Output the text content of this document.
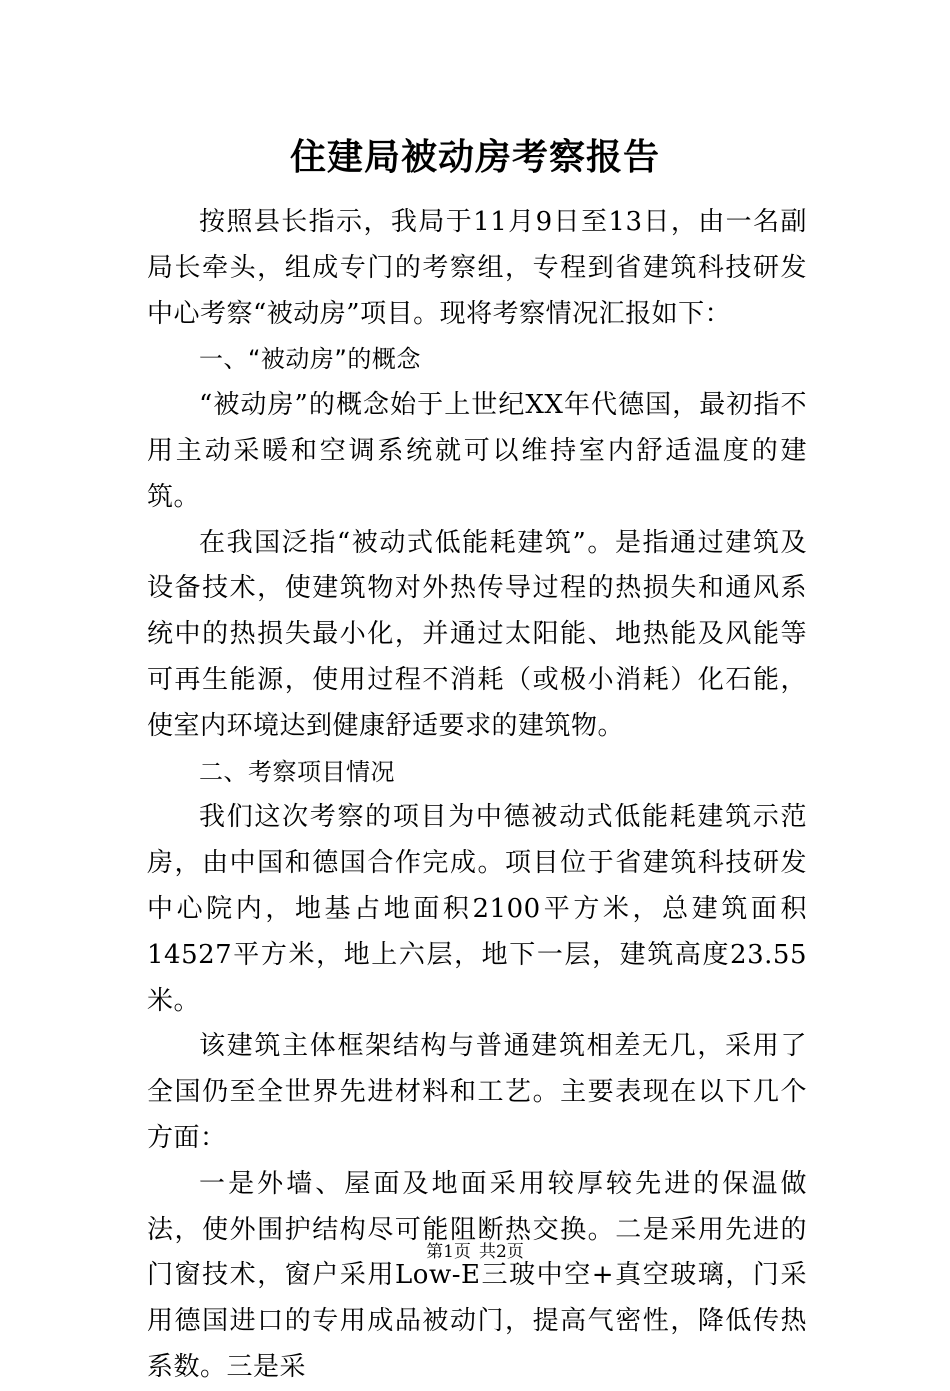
住建局被动房考察报告

按照县长指示，我局于11月9日至13日，由一名副局长牵头，组成专门的考察组，专程到省建筑科技研发中心考察“被动房”项目。现将考察情况汇报如下：

一、“被动房”的概念

“被动房”的概念始于上世纪XX年代德国，最初指不用主动采暖和空调系统就可以维持室内舒适温度的建筑。

在我国泛指“被动式低能耗建筑”。是指通过建筑及设备技术，使建筑物对外热传导过程的热损失和通风系统中的热损失最小化，并通过太阳能、地热能及风能等可再生能源，使用过程不消耗（或极小消耗）化石能，使室内环境达到健康舒适要求的建筑物。

二、考察项目情况

我们这次考察的项目为中德被动式低能耗建筑示范房，由中国和德国合作完成。项目位于省建筑科技研发中心院内，地基占地面积2100平方米，总建筑面积14527平方米，地上六层，地下一层，建筑高度23.55米。

该建筑主体框架结构与普通建筑相差无几，采用了全国仍至全世界先进材料和工艺。主要表现在以下几个方面：

一是外墙、屋面及地面采用较厚较先进的保温做法，使外围护结构尽可能阻断热交换。二是采用先进的门窗技术，窗户采用Low-E三玻中空+真空玻璃，门采用德国进口的专用成品被动门，提高气密性，降低传热系数。三是采

第1页 共2页
